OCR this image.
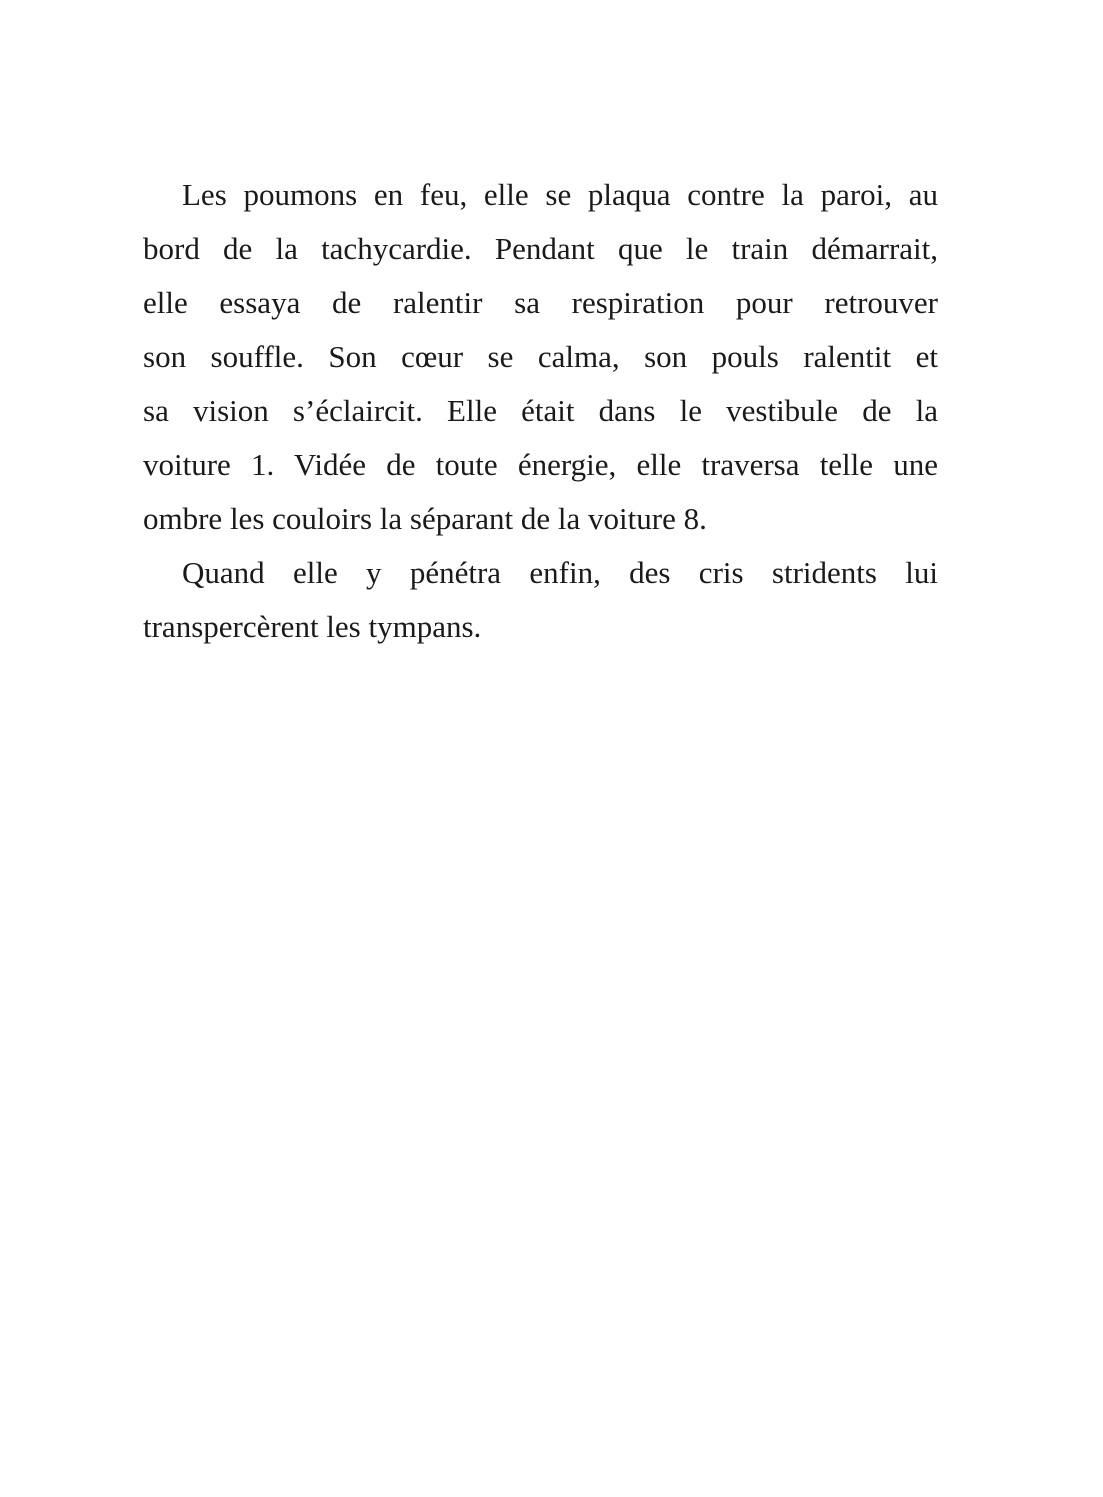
Les poumons en feu, elle se plaqua contre la paroi, au
bord de la tachycardie. Pendant que le train démarrait,
elle essaya de ralentir sa respiration pour retrouver
son souffle. Son cœur se calma, son pouls ralentit et
sa vision s’éclaircit. Elle était dans le vestibule de la
voiture 1. Vidée de toute énergie, elle traversa telle une
ombre les couloirs la séparant de la voiture 8.
Quand elle y pénétra enfin, des cris stridents lui
transpercèrent les tympans.
